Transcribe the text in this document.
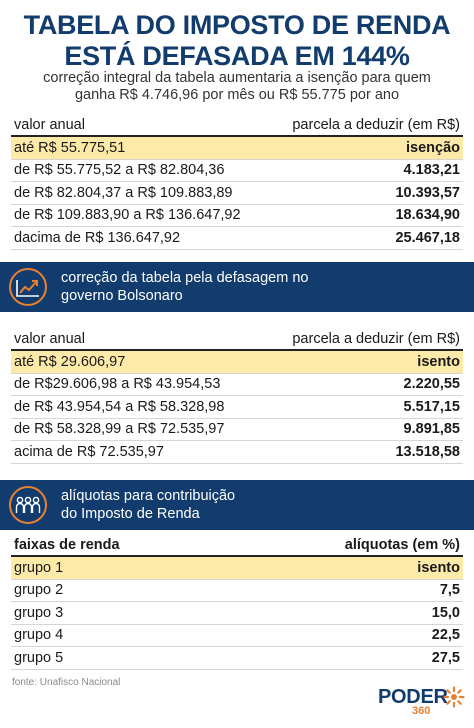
TABELA DO IMPOSTO DE RENDA
ESTÁ DEFASADA EM 144%
correção integral da tabela aumentaria a isenção para quem
ganha R$ 4.746,96 por mês ou R$ 55.775 por ano
valor anual	parcela a deduzir (em R$)
até R$ 55.775,51	isenção
de R$ 55.775,52 a R$ 82.804,36	4.183,21
de R$ 82.804,37 a R$ 109.883,89	10.393,57
de R$ 109.883,90 a R$ 136.647,92	18.634,90
dacima de R$ 136.647,92	25.467,18
correção da tabela pela defasagem no
governo Bolsonaro
valor anual	parcela a deduzir (em R$)
até R$ 29.606,97	isento
de R$29.606,98 a R$ 43.954,53	2.220,55
de R$ 43.954,54 a R$ 58.328,98	5.517,15
de R$ 58.328,99 a R$ 72.535,97	9.891,85
acima de R$ 72.535,97	13.518,58
alíquotas para contribuição
do Imposto de Renda
faixas de renda	alíquotas (em %)
grupo 1	isento
grupo 2	7,5
grupo 3	15,0
grupo 4	22,5
grupo 5	27,5
fonte: Unafisco Nacional
PODER
360
